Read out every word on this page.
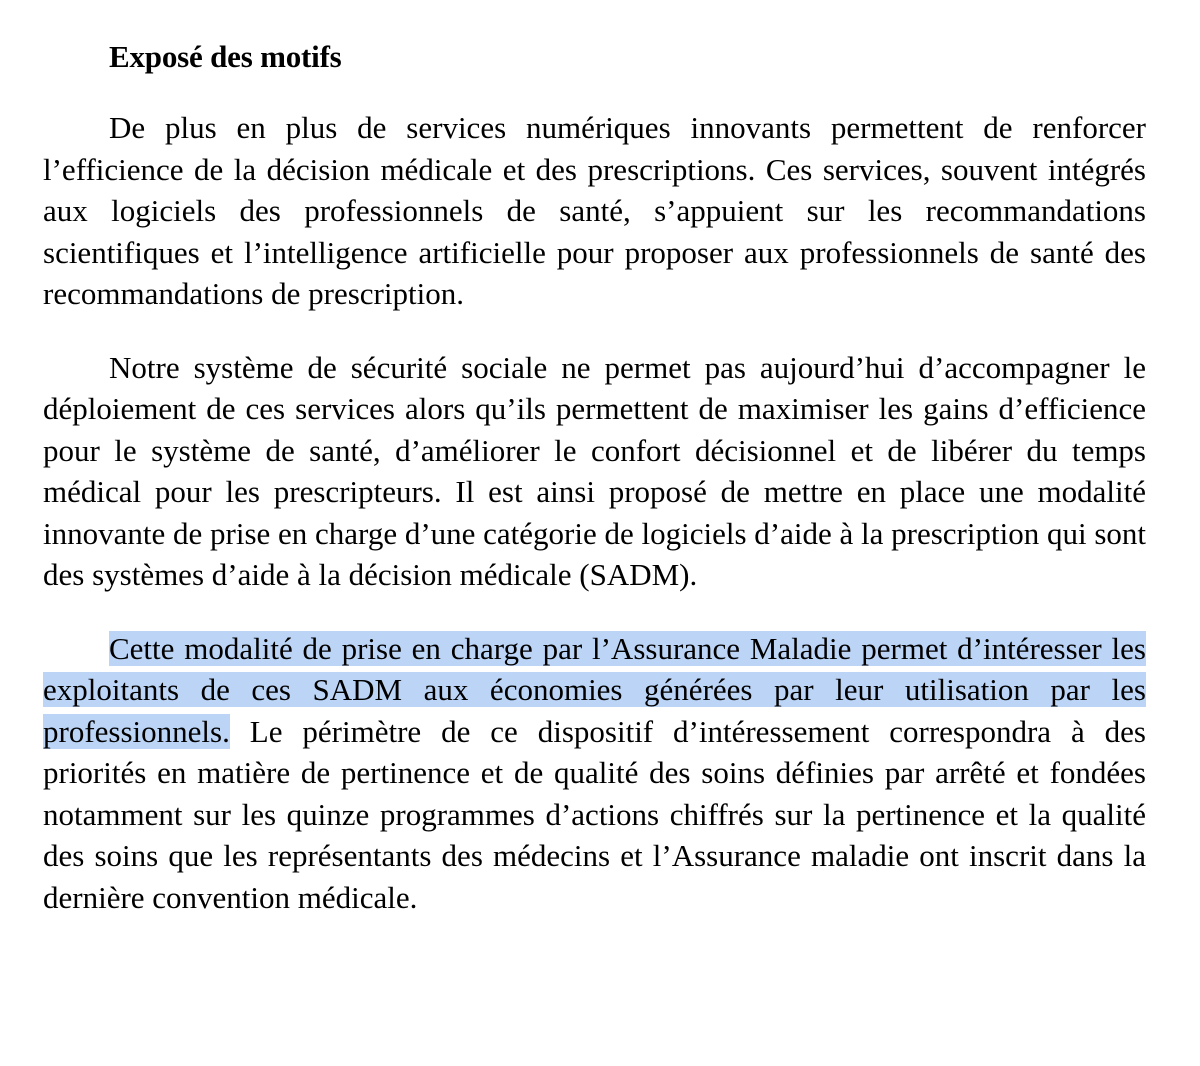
Exposé des motifs

De plus en plus de services numériques innovants permettent de renforcer l’efficience de la décision médicale et des prescriptions. Ces services, souvent intégrés aux logiciels des professionnels de santé, s’appuient sur les recommandations scientifiques et l’intelligence artificielle pour proposer aux professionnels de santé des recommandations de prescription.

Notre système de sécurité sociale ne permet pas aujourd’hui d’accompagner le déploiement de ces services alors qu’ils permettent de maximiser les gains d’efficience pour le système de santé, d’améliorer le confort décisionnel et de libérer du temps médical pour les prescripteurs. Il est ainsi proposé de mettre en place une modalité innovante de prise en charge d’une catégorie de logiciels d’aide à la prescription qui sont des systèmes d’aide à la décision médicale (SADM).

Cette modalité de prise en charge par l’Assurance Maladie permet d’intéresser les exploitants de ces SADM aux économies générées par leur utilisation par les professionnels. Le périmètre de ce dispositif d’intéressement correspondra à des priorités en matière de pertinence et de qualité des soins définies par arrêté et fondées notamment sur les quinze programmes d’actions chiffrés sur la pertinence et la qualité des soins que les représentants des médecins et l’Assurance maladie ont inscrit dans la dernière convention médicale.
